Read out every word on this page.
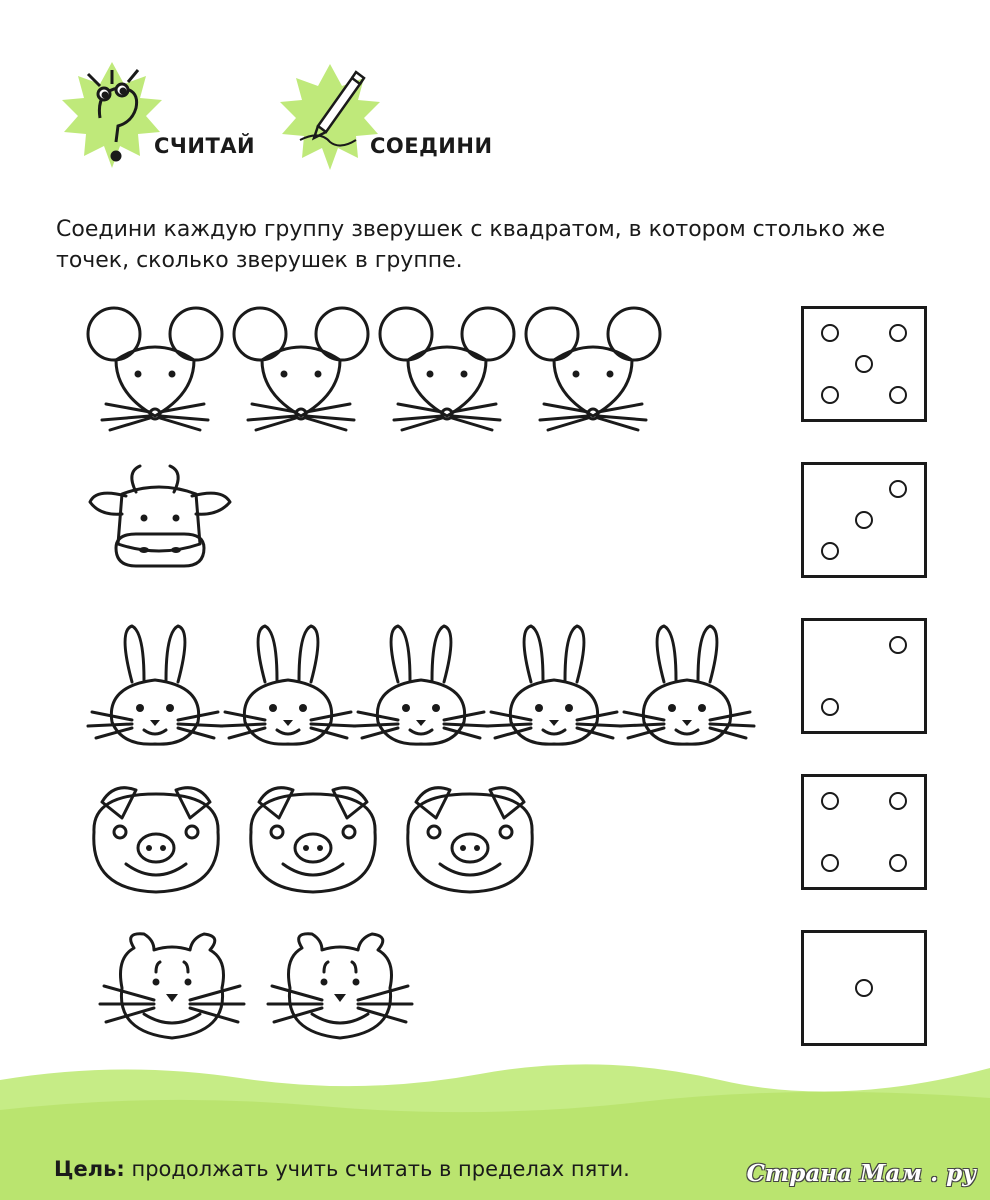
СЧИТАЙ	СОЕДИНИ
Соедини каждую группу зверушек с квадратом, в котором столько же
точек, сколько зверушек в группе.
Цель: продолжать учить считать в пределах пяти.	Страна Мам . ру
